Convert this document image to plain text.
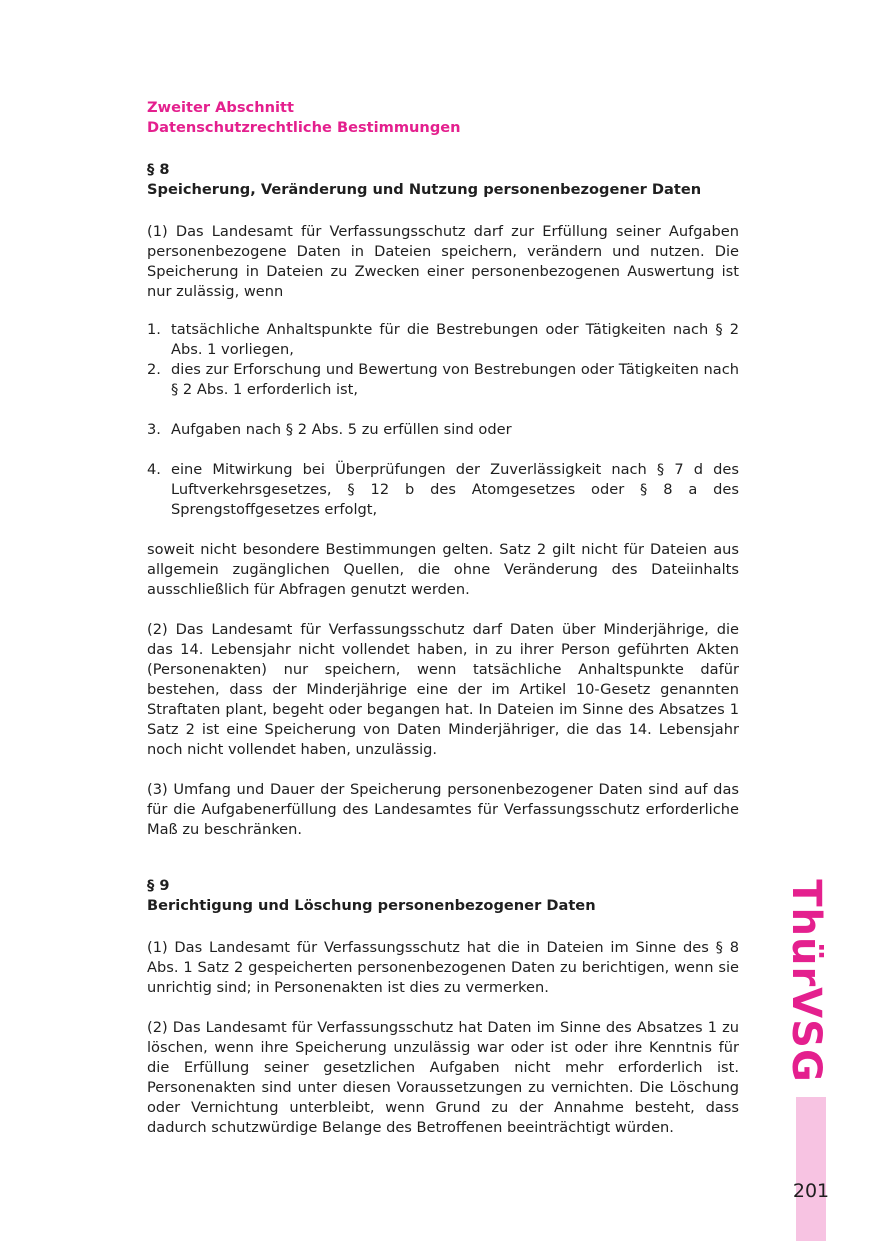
Zweiter Abschnitt
Datenschutzrechtliche Bestimmungen
§ 8
Speicherung, Veränderung und Nutzung personenbezogener Daten

(1) Das Landesamt für Verfassungsschutz darf zur Erfüllung seiner Aufgaben personenbezogene Daten in Dateien speichern, verändern und nutzen. Die Speicherung in Dateien zu Zwecken einer personenbezogenen Auswertung ist nur zulässig, wenn

1. tatsächliche Anhaltspunkte für die Bestrebungen oder Tätigkeiten nach § 2 Abs. 1 vorliegen,
2. dies zur Erforschung und Bewertung von Bestrebungen oder Tätigkeiten nach § 2 Abs. 1 erforderlich ist,
3. Aufgaben nach § 2 Abs. 5 zu erfüllen sind oder
4. eine Mitwirkung bei Überprüfungen der Zuverlässigkeit nach § 7 d des Luftverkehrsgesetzes, § 12 b des Atomgesetzes oder § 8 a des Sprengstoffgesetzes erfolgt,

soweit nicht besondere Bestimmungen gelten. Satz 2 gilt nicht für Dateien aus allgemein zugänglichen Quellen, die ohne Veränderung des Dateiinhalts ausschließlich für Abfragen genutzt werden.

(2) Das Landesamt für Verfassungsschutz darf Daten über Minderjährige, die das 14. Lebensjahr nicht vollendet haben, in zu ihrer Person geführten Akten (Personenakten) nur speichern, wenn tatsächliche Anhaltspunkte dafür bestehen, dass der Minderjährige eine der im Artikel 10-Gesetz genannten Straftaten plant, begeht oder begangen hat. In Dateien im Sinne des Absatzes 1 Satz 2 ist eine Speicherung von Daten Minderjähriger, die das 14. Lebensjahr noch nicht vollendet haben, unzulässig.

(3) Umfang und Dauer der Speicherung personenbezogener Daten sind auf das für die Aufgabenerfüllung des Landesamtes für Verfassungsschutz erforderliche Maß zu beschränken.

§ 9
Berichtigung und Löschung personenbezogener Daten

(1) Das Landesamt für Verfassungsschutz hat die in Dateien im Sinne des § 8 Abs. 1 Satz 2 gespeicherten personenbezogenen Daten zu berichtigen, wenn sie unrichtig sind; in Personenakten ist dies zu vermerken.

(2) Das Landesamt für Verfassungsschutz hat Daten im Sinne des Absatzes 1 zu löschen, wenn ihre Speicherung unzulässig war oder ist oder ihre Kenntnis für die Erfüllung seiner gesetzlichen Aufgaben nicht mehr erforderlich ist. Personenakten sind unter diesen Voraussetzungen zu vernichten. Die Löschung oder Vernichtung unterbleibt, wenn Grund zu der Annahme besteht, dass dadurch schutzwürdige Belange des Betroffenen beeinträchtigt würden.

ThürVSG
201
